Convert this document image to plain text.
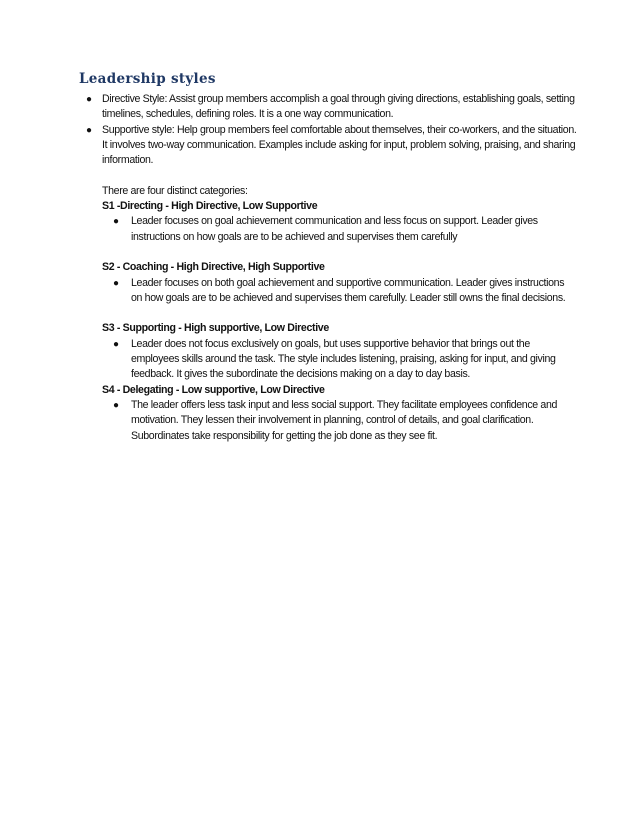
Leadership styles
● Directive Style: Assist group members accomplish a goal through giving directions, establishing goals, setting timelines, schedules, defining roles. It is a one way communication.
● Supportive style: Help group members feel comfortable about themselves, their co-workers, and the situation. It involves two-way communication. Examples include asking for input, problem solving, praising, and sharing information.
There are four distinct categories:
S1 -Directing - High Directive, Low Supportive
● Leader focuses on goal achievement communication and less focus on support. Leader gives instructions on how goals are to be achieved and supervises them carefully
S2 - Coaching - High Directive, High Supportive
● Leader focuses on both goal achievement and supportive communication. Leader gives instructions on how goals are to be achieved and supervises them carefully. Leader still owns the final decisions.
S3 - Supporting - High supportive, Low Directive
● Leader does not focus exclusively on goals, but uses supportive behavior that brings out the employees skills around the task. The style includes listening, praising, asking for input, and giving feedback. It gives the subordinate the decisions making on a day to day basis.
S4 - Delegating - Low supportive, Low Directive
● The leader offers less task input and less social support. They facilitate employees confidence and motivation. They lessen their involvement in planning, control of details, and goal clarification. Subordinates take responsibility for getting the job done as they see fit.
